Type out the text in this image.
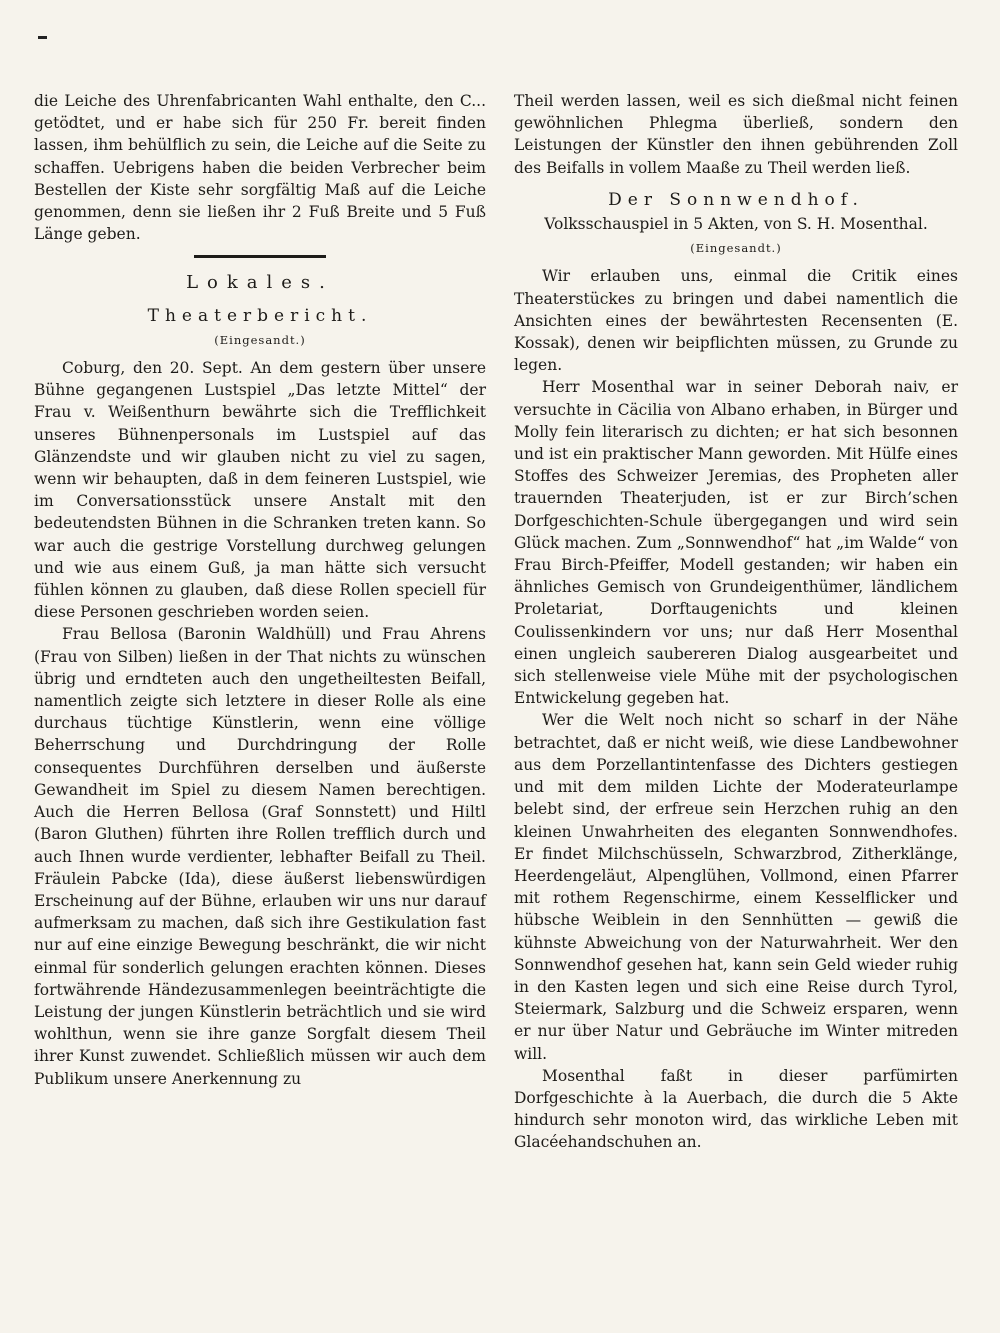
die Leiche des Uhrenfabricanten Wahl enthalte, den C... getödtet, und er habe sich für 250 Fr. bereit finden lassen, ihm behülflich zu sein, die Leiche auf die Seite zu schaffen. Uebrigens haben die beiden Verbrecher beim Bestellen der Kiste sehr sorgfältig Maß auf die Leiche genommen, denn sie ließen ihr 2 Fuß Breite und 5 Fuß Länge geben.

Lokales.
Theaterbericht.
(Eingesandt.)

Coburg, den 20. Sept. An dem gestern über unsere Bühne gegangenen Lustspiel „Das letzte Mittel“ der Frau v. Weißenthurn bewährte sich die Trefflichkeit unseres Bühnenpersonals im Lustspiel auf das Glänzendste und wir glauben nicht zu viel zu sagen, wenn wir behaupten, daß in dem feineren Lustspiel, wie im Conversationsstück unsere Anstalt mit den bedeutendsten Bühnen in die Schranken treten kann. So war auch die gestrige Vorstellung durchweg gelungen und wie aus einem Guß, ja man hätte sich versucht fühlen können zu glauben, daß diese Rollen speciell für diese Personen geschrieben worden seien.

Frau Bellosa (Baronin Waldhüll) und Frau Ahrens (Frau von Silben) ließen in der That nichts zu wünschen übrig und erndteten auch den ungetheiltesten Beifall, namentlich zeigte sich letztere in dieser Rolle als eine durchaus tüchtige Künstlerin, wenn eine völlige Beherrschung und Durchdringung der Rolle consequentes Durchführen derselben und äußerste Gewandheit im Spiel zu diesem Namen berechtigen. Auch die Herren Bellosa (Graf Sonnstett) und Hiltl (Baron Gluthen) führten ihre Rollen trefflich durch und auch Ihnen wurde verdienter, lebhafter Beifall zu Theil. Fräulein Pabcke (Ida), diese äußerst liebenswürdigen Erscheinung auf der Bühne, erlauben wir uns nur darauf aufmerksam zu machen, daß sich ihre Gestikulation fast nur auf eine einzige Bewegung beschränkt, die wir nicht einmal für sonderlich gelungen erachten können. Dieses fortwährende Händezusammenlegen beeinträchtigte die Leistung der jungen Künstlerin beträchtlich und sie wird wohlthun, wenn sie ihre ganze Sorgfalt diesem Theil ihrer Kunst zuwendet. Schließlich müssen wir auch dem Publikum unsere Anerkennung zu

Theil werden lassen, weil es sich dießmal nicht feinen gewöhnlichen Phlegma überließ, sondern den Leistungen der Künstler den ihnen gebührenden Zoll des Beifalls in vollem Maaße zu Theil werden ließ.

Der Sonnwendhof.
Volksschauspiel in 5 Akten, von S. H. Mosenthal.
(Eingesandt.)

Wir erlauben uns, einmal die Critik eines Theaterstückes zu bringen und dabei namentlich die Ansichten eines der bewährtesten Recensenten (E. Kossak), denen wir beipflichten müssen, zu Grunde zu legen.

Herr Mosenthal war in seiner Deborah naiv, er versuchte in Cäcilia von Albano erhaben, in Bürger und Molly fein literarisch zu dichten; er hat sich besonnen und ist ein praktischer Mann geworden. Mit Hülfe eines Stoffes des Schweizer Jeremias, des Propheten aller trauernden Theaterjuden, ist er zur Birch’schen Dorfgeschichten-Schule übergegangen und wird sein Glück machen. Zum „Sonnwendhof“ hat „im Walde“ von Frau Birch-Pfeiffer, Modell gestanden; wir haben ein ähnliches Gemisch von Grundeigenthümer, ländlichem Proletariat, Dorftaugenichts und kleinen Coulissenkindern vor uns; nur daß Herr Mosenthal einen ungleich saubereren Dialog ausgearbeitet und sich stellenweise viele Mühe mit der psychologischen Entwickelung gegeben hat.

Wer die Welt noch nicht so scharf in der Nähe betrachtet, daß er nicht weiß, wie diese Landbewohner aus dem Porzellantintenfasse des Dichters gestiegen und mit dem milden Lichte der Moderateurlampe belebt sind, der erfreue sein Herzchen ruhig an den kleinen Unwahrheiten des eleganten Sonnwendhofes. Er findet Milchschüsseln, Schwarzbrod, Zitherklänge, Heerdengeläut, Alpenglühen, Vollmond, einen Pfarrer mit rothem Regenschirme, einem Kesselflicker und hübsche Weiblein in den Sennhütten — gewiß die kühnste Abweichung von der Naturwahrheit. Wer den Sonnwendhof gesehen hat, kann sein Geld wieder ruhig in den Kasten legen und sich eine Reise durch Tyrol, Steiermark, Salzburg und die Schweiz ersparen, wenn er nur über Natur und Gebräuche im Winter mitreden will.

Mosenthal faßt in dieser parfümirten Dorfgeschichte à la Auerbach, die durch die 5 Akte hindurch sehr monoton wird, das wirkliche Leben mit Glacéehandschuhen an.
